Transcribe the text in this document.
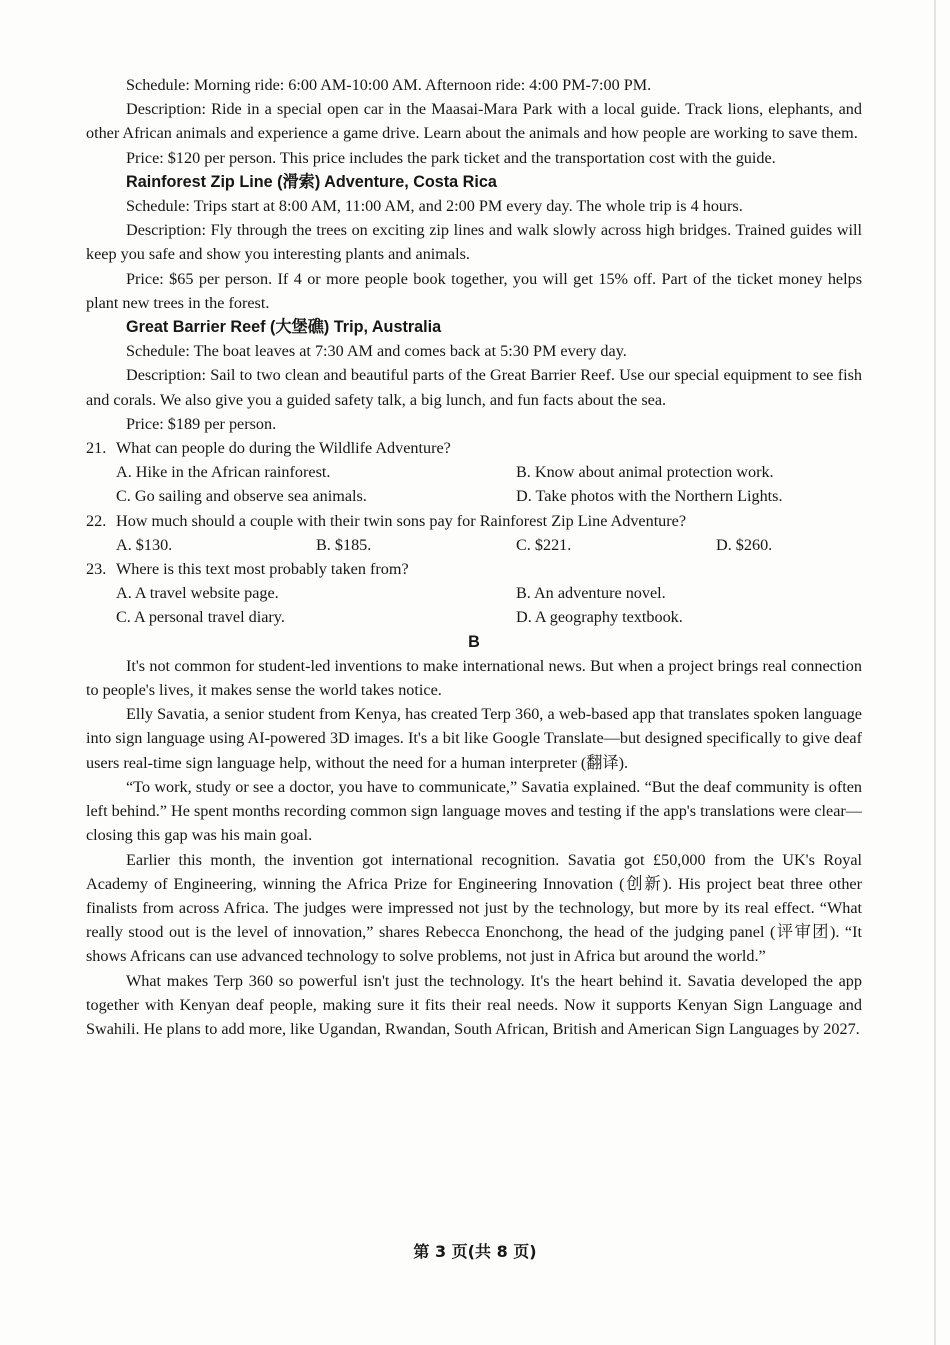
Schedule: Morning ride: 6:00 AM-10:00 AM. Afternoon ride: 4:00 PM-7:00 PM.

Description: Ride in a special open car in the Maasai-Mara Park with a local guide. Track lions, elephants, and other African animals and experience a game drive. Learn about the animals and how people are working to save them.

Price: $120 per person. This price includes the park ticket and the transportation cost with the guide.

Rainforest Zip Line (滑索) Adventure, Costa Rica

Schedule: Trips start at 8:00 AM, 11:00 AM, and 2:00 PM every day. The whole trip is 4 hours.

Description: Fly through the trees on exciting zip lines and walk slowly across high bridges. Trained guides will keep you safe and show you interesting plants and animals.

Price: $65 per person. If 4 or more people book together, you will get 15% off. Part of the ticket money helps plant new trees in the forest.

Great Barrier Reef (大堡礁) Trip, Australia

Schedule: The boat leaves at 7:30 AM and comes back at 5:30 PM every day.

Description: Sail to two clean and beautiful parts of the Great Barrier Reef. Use our special equipment to see fish and corals. We also give you a guided safety talk, a big lunch, and fun facts about the sea.

Price: $189 per person.

21. What can people do during the Wildlife Adventure?
A. Hike in the African rainforest.	B. Know about animal protection work.
C. Go sailing and observe sea animals.	D. Take photos with the Northern Lights.
22. How much should a couple with their twin sons pay for Rainforest Zip Line Adventure?
A. $130.	B. $185.	C. $221.	D. $260.
23. Where is this text most probably taken from?
A. A travel website page.	B. An adventure novel.
C. A personal travel diary.	D. A geography textbook.

B

It's not common for student-led inventions to make international news. But when a project brings real connection to people's lives, it makes sense the world takes notice.

Elly Savatia, a senior student from Kenya, has created Terp 360, a web-based app that translates spoken language into sign language using AI-powered 3D images. It's a bit like Google Translate—but designed specifically to give deaf users real-time sign language help, without the need for a human interpreter (翻译).

“To work, study or see a doctor, you have to communicate,” Savatia explained. “But the deaf community is often left behind.” He spent months recording common sign language moves and testing if the app's translations were clear—closing this gap was his main goal.

Earlier this month, the invention got international recognition. Savatia got £50,000 from the UK's Royal Academy of Engineering, winning the Africa Prize for Engineering Innovation (创新). His project beat three other finalists from across Africa. The judges were impressed not just by the technology, but more by its real effect. “What really stood out is the level of innovation,” shares Rebecca Enonchong, the head of the judging panel (评审团). “It shows Africans can use advanced technology to solve problems, not just in Africa but around the world.”

What makes Terp 360 so powerful isn't just the technology. It's the heart behind it. Savatia developed the app together with Kenyan deaf people, making sure it fits their real needs. Now it supports Kenyan Sign Language and Swahili. He plans to add more, like Ugandan, Rwandan, South African, British and American Sign Languages by 2027.

第 3 页(共 8 页)
